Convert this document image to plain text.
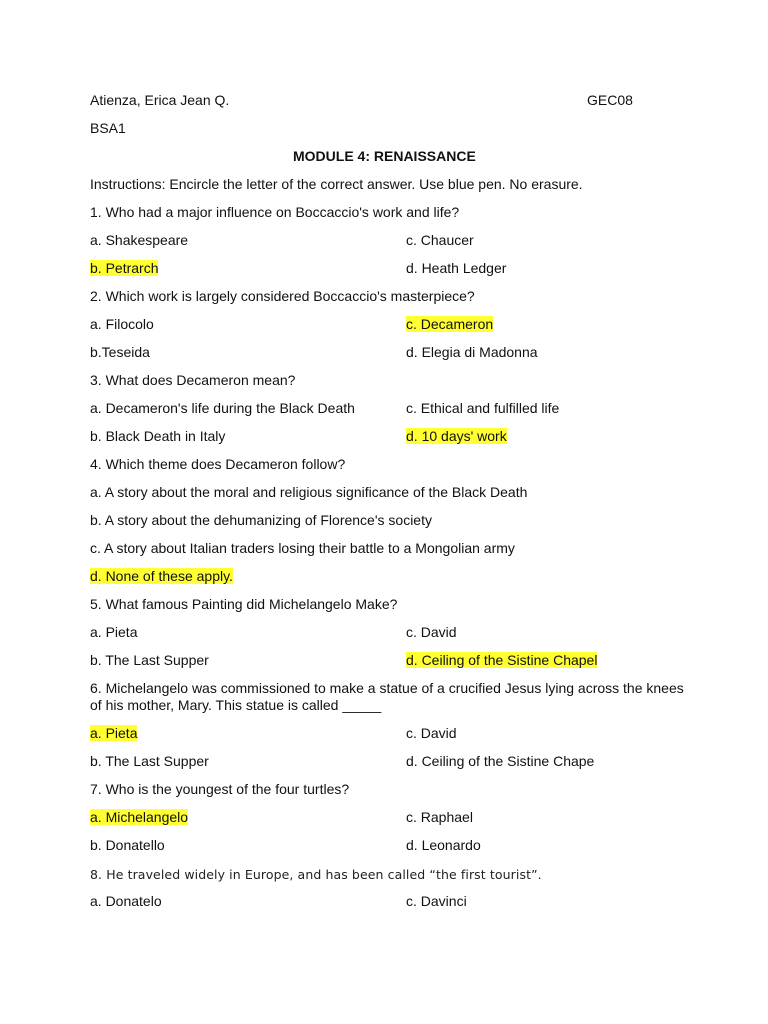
Atienza, Erica Jean Q.	GEC08
BSA1
MODULE 4: RENAISSANCE
Instructions: Encircle the letter of the correct answer. Use blue pen. No erasure.
1. Who had a major influence on Boccaccio's work and life?
a. Shakespeare	c. Chaucer
b. Petrarch	d. Heath Ledger
2. Which work is largely considered Boccaccio's masterpiece?
a. Filocolo	c. Decameron
b.Teseida	d. Elegia di Madonna
3. What does Decameron mean?
a. Decameron's life during the Black Death	c. Ethical and fulfilled life
b. Black Death in Italy	d. 10 days' work
4. Which theme does Decameron follow?
a. A story about the moral and religious significance of the Black Death
b. A story about the dehumanizing of Florence's society
c. A story about Italian traders losing their battle to a Mongolian army
d. None of these apply.
5. What famous Painting did Michelangelo Make?
a. Pieta	c. David
b. The Last Supper	d. Ceiling of the Sistine Chapel
6. Michelangelo was commissioned to make a statue of a crucified Jesus lying across the knees of his mother, Mary. This statue is called _____
a. Pieta	c. David
b. The Last Supper	d. Ceiling of the Sistine Chape
7. Who is the youngest of the four turtles?
a. Michelangelo	c. Raphael
b. Donatello	d. Leonardo
8. He traveled widely in Europe, and has been called “the first tourist”.
a. Donatelo	c. Davinci
